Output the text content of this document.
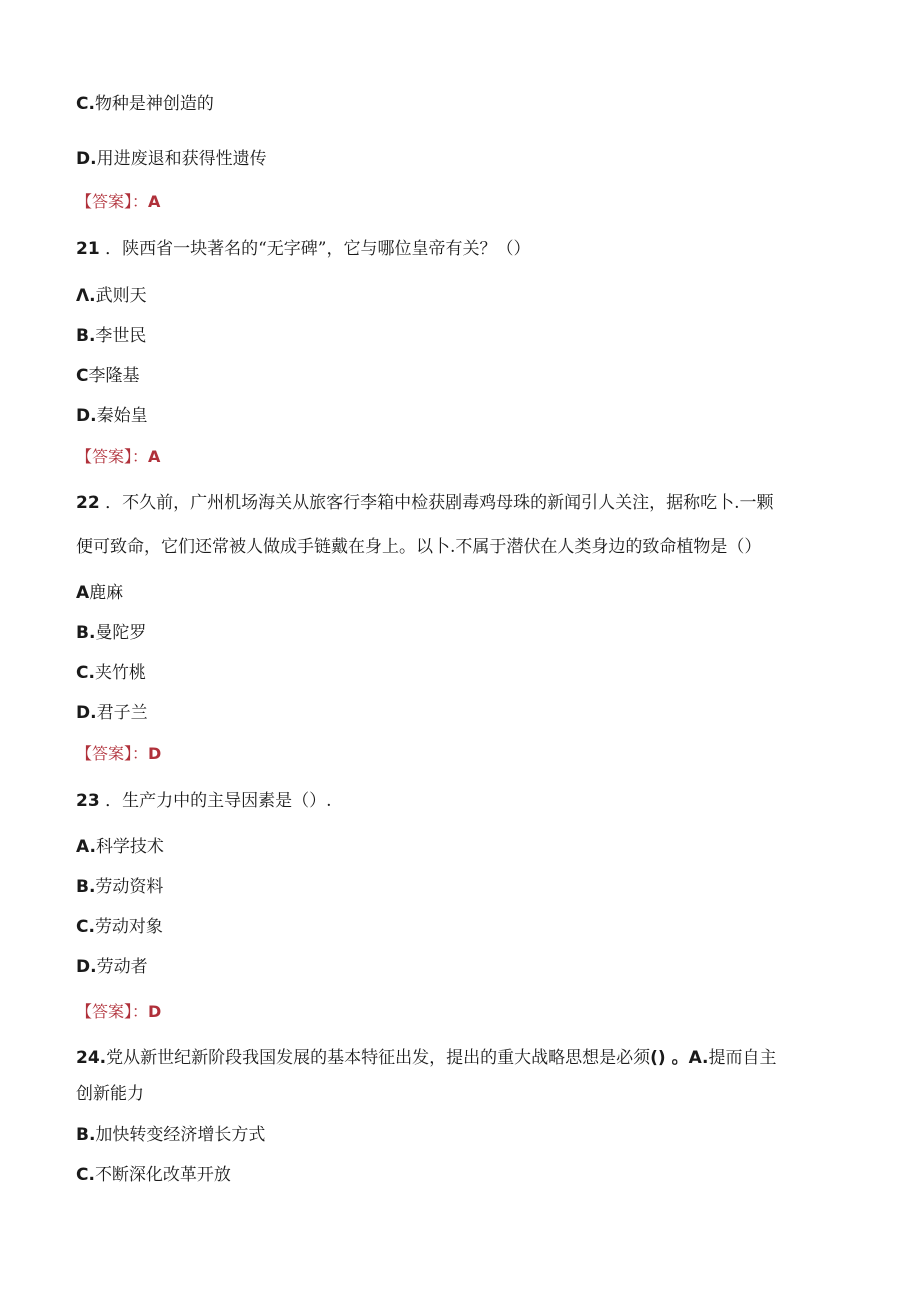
C.物种是神创造的
D.用进废退和获得性遗传
【答案】：A
21 ．陕西省一块著名的“无字碑”，它与哪位皇帝有关？（）
Λ.武则天
B.李世民
C李隆基
D.秦始皇
【答案】：A
22 ．不久前，广州机场海关从旅客行李箱中检获剧毒鸡母珠的新闻引人关注，据称吃卜.一颗
便可致命，它们还常被人做成手链戴在身上。以卜.不属于潜伏在人类身边的致命植物是（）
A鹿麻
B.曼陀罗
C.夹竹桃
D.君子兰
【答案】：D
23 ．生产力中的主导因素是（）.
A.科学技术
B.劳动资料
C.劳动对象
D.劳动者
【答案】：D
24.党从新世纪新阶段我国发展的基本特征出发，提出的重大战略思想是必须() 。A.提而自主
创新能力
B.加快转变经济增长方式
C.不断深化改革开放
